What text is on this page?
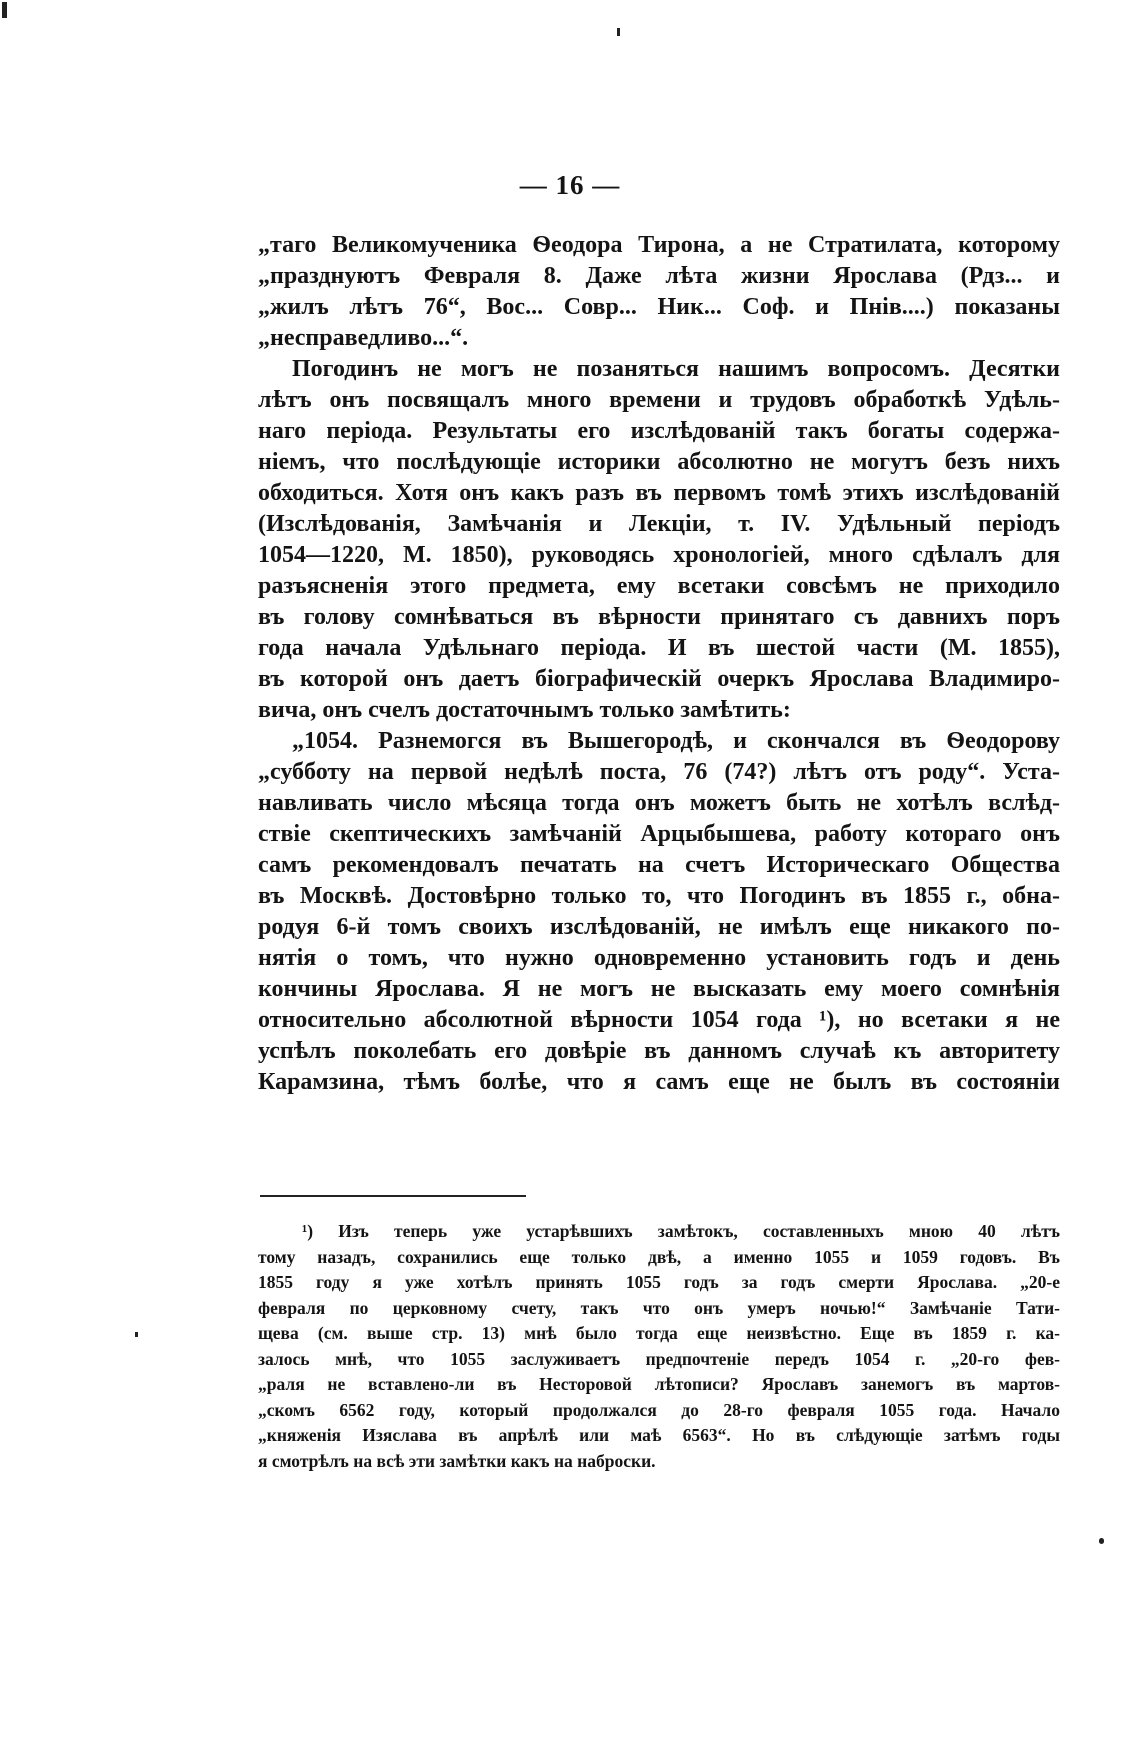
— 16 —
„таго Великомученика Ѳеодора Тирона, а не Стратилата, которому
„празднуютъ Февраля 8. Даже лѣта жизни Ярослава (Рдз... и
„жилъ лѣтъ 76“, Вос... Совр... Ник... Соф. и Пнів....) показаны
„несправедливо...“.
Погодинъ не могъ не позаняться нашимъ вопросомъ. Десятки
лѣтъ онъ посвящалъ много времени и трудовъ обработкѣ Удѣль-
наго періода. Результаты его изслѣдованій такъ богаты содержа-
ніемъ, что послѣдующіе историки абсолютно не могутъ безъ нихъ
обходиться. Хотя онъ какъ разъ въ первомъ томѣ этихъ изслѣдованій
(Изслѣдованія, Замѣчанія и Лекціи, т. IV. Удѣльный періодъ
1054—1220, М. 1850), руководясь хронологіей, много сдѣлалъ для
разъясненія этого предмета, ему всетаки совсѣмъ не приходило
въ голову сомнѣваться въ вѣрности принятаго съ давнихъ поръ
года начала Удѣльнаго періода. И въ шестой части (М. 1855),
въ которой онъ даетъ біографическій очеркъ Ярослава Владимиро-
вича, онъ счелъ достаточнымъ только замѣтить:
„1054. Разнемогся въ Вышегородѣ, и скончался въ Ѳеодорову
„субботу на первой недѣлѣ поста, 76 (74?) лѣтъ отъ роду“. Уста-
навливать число мѣсяца тогда онъ можетъ быть не хотѣлъ вслѣд-
ствіе скептическихъ замѣчаній Арцыбышева, работу котораго онъ
самъ рекомендовалъ печатать на счетъ Историческаго Общества
въ Москвѣ. Достовѣрно только то, что Погодинъ въ 1855 г., обна-
родуя 6-й томъ своихъ изслѣдованій, не имѣлъ еще никакого по-
нятія о томъ, что нужно одновременно установить годъ и день
кончины Ярослава. Я не могъ не высказать ему моего сомнѣнія
относительно абсолютной вѣрности 1054 года ¹), но всетаки я не
успѣлъ поколебать его довѣріе въ данномъ случаѣ къ авторитету
Карамзина, тѣмъ болѣе, что я самъ еще не былъ въ состояніи
¹) Изъ теперь уже устарѣвшихъ замѣтокъ, составленныхъ мною 40 лѣтъ
тому назадъ, сохранились еще только двѣ, а именно 1055 и 1059 годовъ. Въ
1855 году я уже хотѣлъ принять 1055 годъ за годъ смерти Ярослава. „20-е
февраля по церковному счету, такъ что онъ умеръ ночью!“ Замѣчаніе Тати-
щева (см. выше стр. 13) мнѣ было тогда еще неизвѣстно. Еще въ 1859 г. ка-
залось мнѣ, что 1055 заслуживаетъ предпочтеніе передъ 1054 г. „20-го фев-
„раля не вставлено-ли въ Несторовой лѣтописи? Ярославъ занемогъ въ мартов-
„скомъ 6562 году, который продолжался до 28-го февраля 1055 года. Начало
„княженія Изяслава въ апрѣлѣ или маѣ 6563“. Но въ слѣдующіе затѣмъ годы
я смотрѣлъ на всѣ эти замѣтки какъ на наброски.
